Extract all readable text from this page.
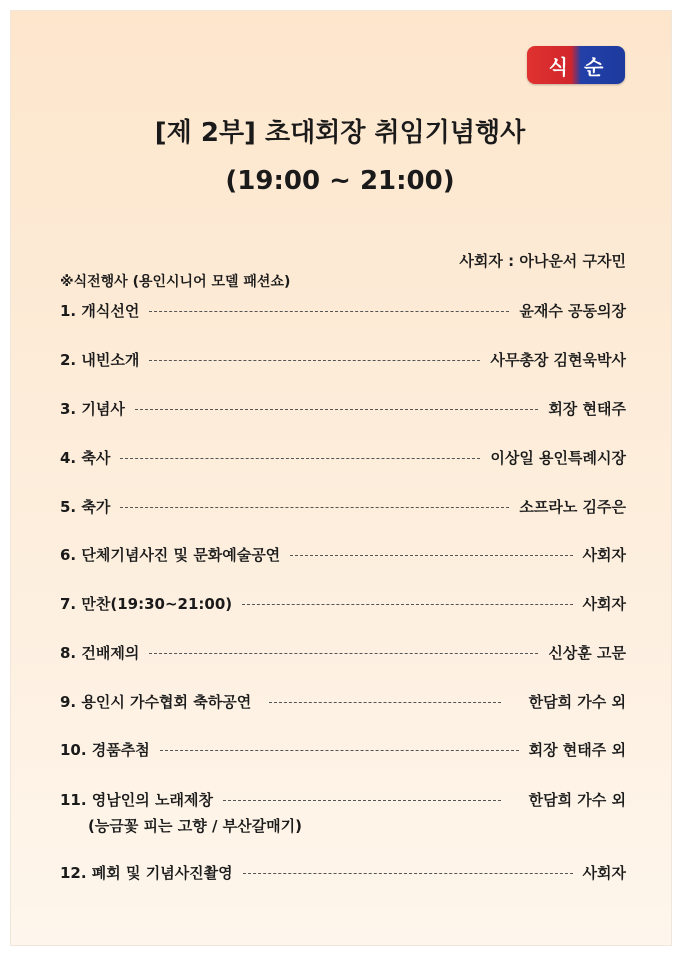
식순
[제 2부] 초대회장 취임기념행사
(19:00 ~ 21:00)
사회자 : 아나운서 구자민
※식전행사 (용인시니어 모델 패션쇼)
1. 개식선언	윤재수 공동의장
2. 내빈소개	사무총장 김현욱박사
3. 기념사	회장 현태주
4. 축사	이상일 용인특례시장
5. 축가	소프라노 김주은
6. 단체기념사진 및 문화예술공연	사회자
7. 만찬(19:30~21:00)	사회자
8. 건배제의	신상훈 고문
9. 용인시 가수협회 축하공연	한담희 가수 외
10. 경품추첨	회장 현태주 외
11. 영남인의 노래제창	한담희 가수 외
(능금꽃 피는 고향 / 부산갈매기)
12. 폐회 및 기념사진촬영	사회자
